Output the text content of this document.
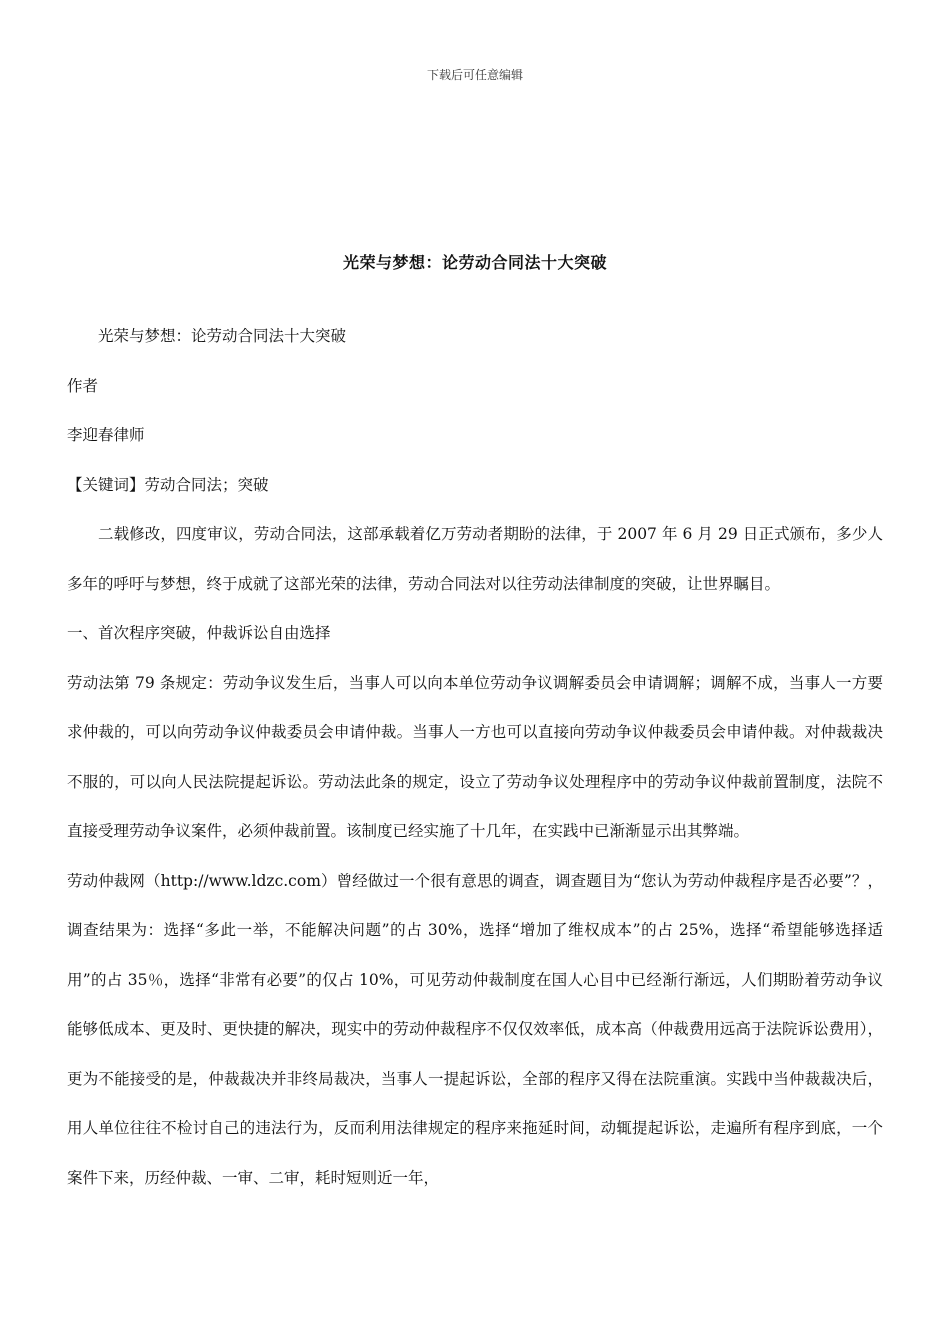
下载后可任意编辑
光荣与梦想：论劳动合同法十大突破

光荣与梦想：论劳动合同法十大突破

作者

李迎春律师

【关键词】劳动合同法；突破

二载修改，四度审议，劳动合同法，这部承载着亿万劳动者期盼的法律，于 2007 年 6 月 29 日正式颁布，多少人多年的呼吁与梦想，终于成就了这部光荣的法律，劳动合同法对以往劳动法律制度的突破，让世界瞩目。

一、首次程序突破，仲裁诉讼自由选择

劳动法第 79 条规定：劳动争议发生后，当事人可以向本单位劳动争议调解委员会申请调解；调解不成，当事人一方要求仲裁的，可以向劳动争议仲裁委员会申请仲裁。当事人一方也可以直接向劳动争议仲裁委员会申请仲裁。对仲裁裁决不服的，可以向人民法院提起诉讼。劳动法此条的规定，设立了劳动争议处理程序中的劳动争议仲裁前置制度，法院不直接受理劳动争议案件，必须仲裁前置。该制度已经实施了十几年，在实践中已渐渐显示出其弊端。

劳动仲裁网（http://www.ldzc.com）曾经做过一个很有意思的调查，调查题目为“您认为劳动仲裁程序是否必要”？，调查结果为：选择“多此一举，不能解决问题”的占 30%，选择“增加了维权成本”的占 25%，选择“希望能够选择适用”的占 35％，选择“非常有必要”的仅占 10%，可见劳动仲裁制度在国人心目中已经渐行渐远，人们期盼着劳动争议能够低成本、更及时、更快捷的解决，现实中的劳动仲裁程序不仅仅效率低，成本高（仲裁费用远高于法院诉讼费用），更为不能接受的是，仲裁裁决并非终局裁决，当事人一提起诉讼，全部的程序又得在法院重演。实践中当仲裁裁决后，用人单位往往不检讨自己的违法行为，反而利用法律规定的程序来拖延时间，动辄提起诉讼，走遍所有程序到底，一个案件下来，历经仲裁、一审、二审，耗时短则近一年，
